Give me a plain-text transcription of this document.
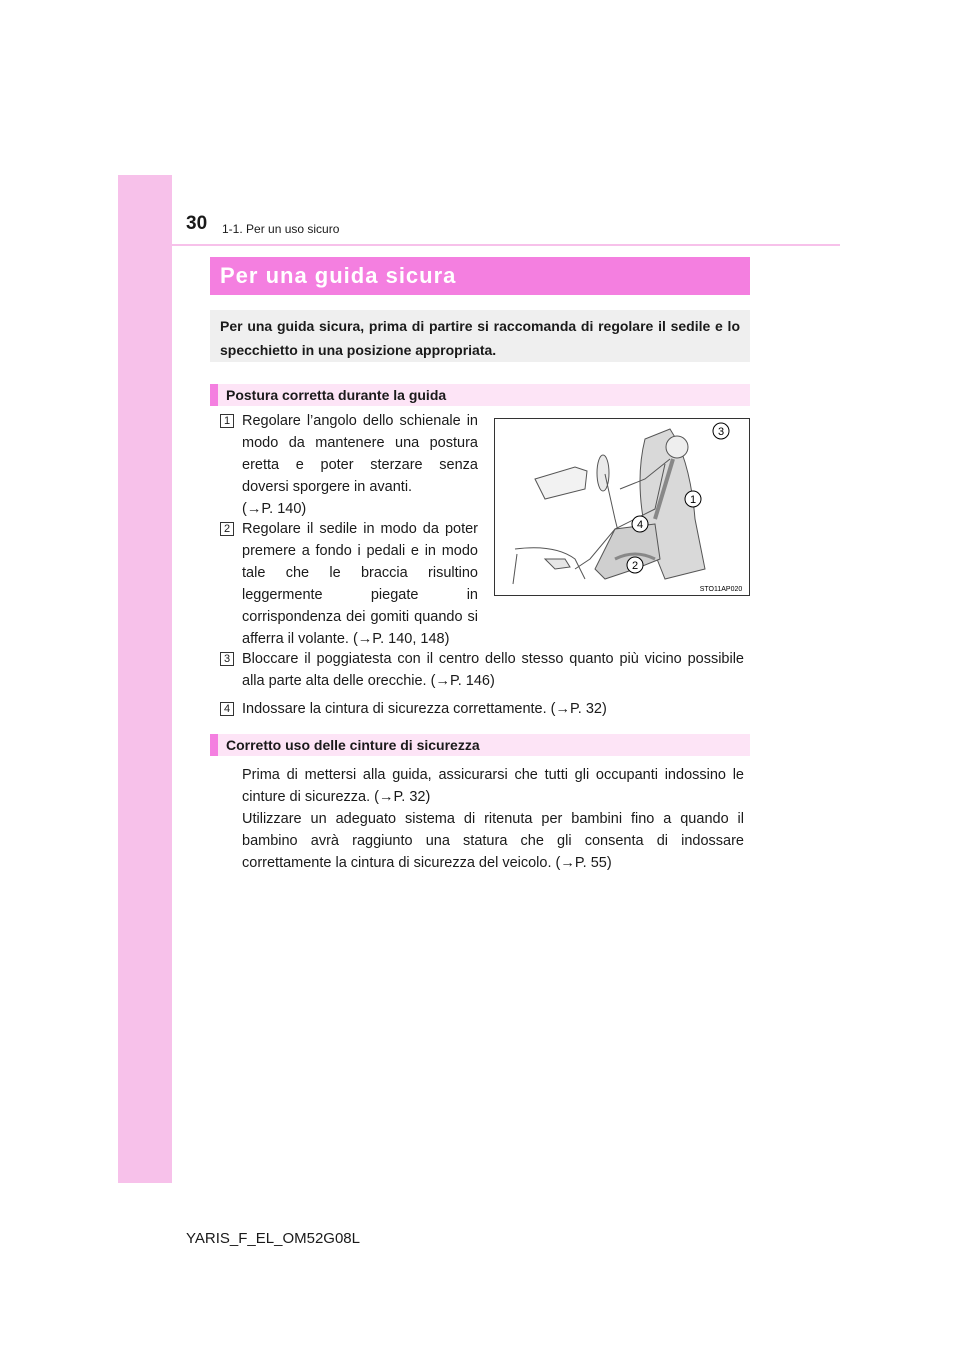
30 1-1. Per un uso sicuro
Per una guida sicura
Per una guida sicura, prima di partire si raccomanda di regolare il sedile e lo specchietto in una posizione appropriata.
Postura corretta durante la guida
1 Regolare l’angolo dello schienale in modo da mantenere una postura eretta e poter sterzare senza doversi sporgere in avanti.
(→P. 140)
2 Regolare il sedile in modo da poter premere a fondo i pedali e in modo tale che le braccia risultino leggermente piegate in corrispondenza dei gomiti quando si afferra il volante. (→P. 140, 148)
3
1
4
2
STO11AP020
3 Bloccare il poggiatesta con il centro dello stesso quanto più vicino possibile alla parte alta delle orecchie. (→P. 146)
4 Indossare la cintura di sicurezza correttamente. (→P. 32)
Corretto uso delle cinture di sicurezza
Prima di mettersi alla guida, assicurarsi che tutti gli occupanti indossino le cinture di sicurezza. (→P. 32)
Utilizzare un adeguato sistema di ritenuta per bambini fino a quando il bambino avrà raggiunto una statura che gli consenta di indossare correttamente la cintura di sicurezza del veicolo. (→P. 55)
YARIS_F_EL_OM52G08L
